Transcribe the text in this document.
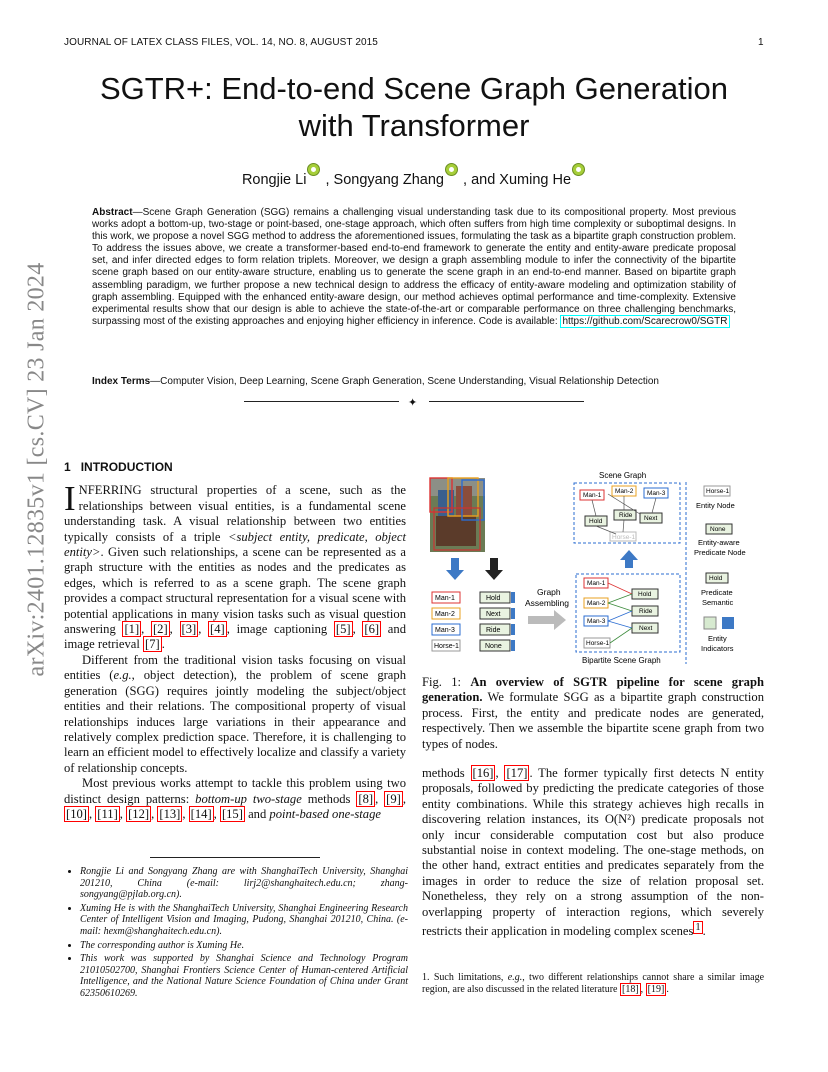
JOURNAL OF LATEX CLASS FILES, VOL. 14, NO. 8, AUGUST 2015	1
arXiv:2401.12835v1 [cs.CV] 23 Jan 2024
SGTR+: End-to-end Scene Graph Generation
with Transformer
Rongjie Li , Songyang Zhang , and Xuming He
Abstract—Scene Graph Generation (SGG) remains a challenging visual understanding task due to its compositional property. Most previous works adopt a bottom-up, two-stage or point-based, one-stage approach, which often suffers from high time complexity or suboptimal designs. In this work, we propose a novel SGG method to address the aforementioned issues, formulating the task as a bipartite graph construction problem. To address the issues above, we create a transformer-based end-to-end framework to generate the entity and entity-aware predicate proposal set, and infer directed edges to form relation triplets. Moreover, we design a graph assembling module to infer the connectivity of the bipartite scene graph based on our entity-aware structure, enabling us to generate the scene graph in an end-to-end manner. Based on bipartite graph assembling paradigm, we further propose a new technical design to address the efficacy of entity-aware modeling and optimization stability of graph assembling. Equipped with the enhanced entity-aware design, our method achieves optimal performance and time-complexity. Extensive experimental results show that our design is able to achieve the state-of-the-art or comparable performance on three challenging benchmarks, surpassing most of the existing approaches and enjoying higher efficiency in inference. Code is available: https://github.com/Scarecrow0/SGTR
Index Terms—Computer Vision, Deep Learning, Scene Graph Generation, Scene Understanding, Visual Relationship Detection
✦
1 INTRODUCTION

INFERRING structural properties of a scene, such as the relationships between visual entities, is a fundamental scene understanding task. A visual relationship between two entities typically consists of a triple <subject entity, predicate, object entity>. Given such relationships, a scene can be represented as a graph structure with the entities as nodes and the predicates as edges, which is referred to as a scene graph. The scene graph provides a compact structural representation for a visual scene with potential applications in many vision tasks such as visual question answering [1] , [2] , [3] , [4] , image captioning [5] , [6] and image retrieval [7] .

Different from the traditional vision tasks focusing on visual entities (e.g., object detection), the problem of scene graph generation (SGG) requires jointly modeling the subject/object entities and their relations. The compositional property of visual relationships induces large variations in their appearance and relatively complex prediction space. Therefore, it is challenging to learn an efficient model to effectively localize and classify a variety of relationship concepts.

Most previous works attempt to tackle this problem using two distinct design patterns: bottom-up two-stage methods [8] , [9] , [10] , [11] , [12] , [13] , [14] , [15] and point-based one-stage

• Rongjie Li and Songyang Zhang are with ShanghaiTech University, Shanghai 201210, China (e-mail: lirj2@shanghaitech.edu.cn; zhang-songyang@pjlab.org.cn).
• Xuming He is with the ShanghaiTech University, Shanghai Engineering Research Center of Intelligent Vision and Imaging, Pudong, Shanghai 201210, China. (e-mail: hexm@shanghaitech.edu.cn).
• The corresponding author is Xuming He.
• This work was supported by Shanghai Science and Technology Program 21010502700, Shanghai Frontiers Science Center of Human-centered Artificial Intelligence, and the National Nature Science Foundation of China under Grant 62350610269.
Man-1
Man-2
Man-3
Horse-1
Hold
Next
Ride
None
Graph
Assembling
Scene Graph
Man-1
Man-2 Man-3
Hold
Ride Next
Horse-1
Man-1
Man-2
Man-3
Horse-1
Hold
Ride
Next
Bipartite Scene Graph
Horse-1
Entity Node
None
Entity-aware
Predicate Node
Hold
Predicate
Semantic
Entity
Indicators
Fig. 1: An overview of SGTR pipeline for scene graph generation. We formulate SGG as a bipartite graph construction process. First, the entity and predicate nodes are generated, respectively. Then we assemble the bipartite scene graph from two types of nodes.
methods [16] , [17] . The former typically first detects N entity proposals, followed by predicting the predicate categories of those entity combinations. While this strategy achieves high recalls in discovering relation instances, its O(N²) predicate proposals not only incur considerable computation cost but also produce substantial noise in context modeling. The one-stage methods, on the other hand, extract entities and predicates separately from the images in order to reduce the size of relation proposal set. Nonetheless, they rely on a strong assumption of the non-overlapping property of interaction regions, which severely restricts their application in modeling complex scenes $^1$ .
1. Such limitations, e.g., two different relationships cannot share a similar image region, are also discussed in the related literature [18] , [19] .
